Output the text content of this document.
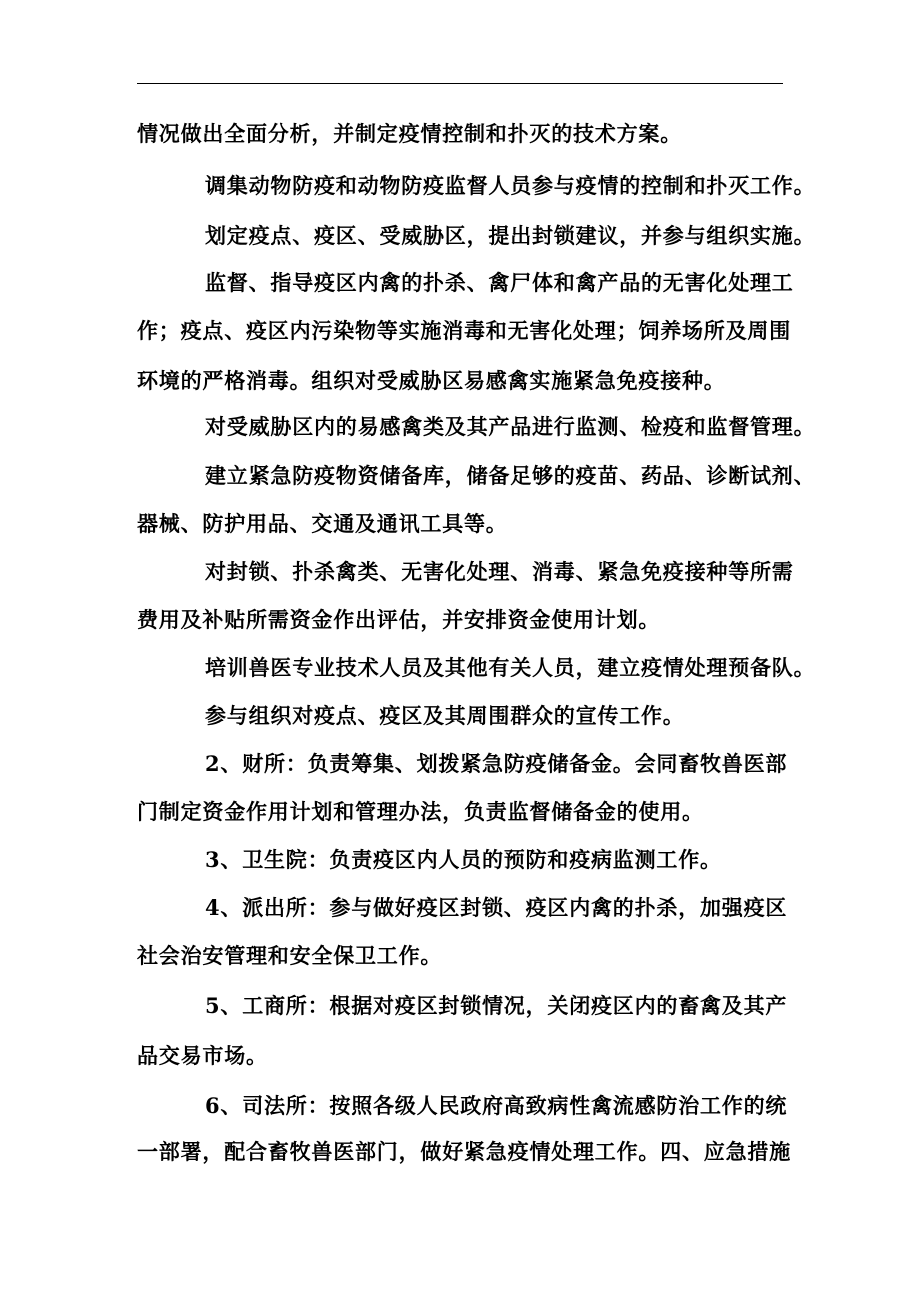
情况做出全面分析，并制定疫情控制和扑灭的技术方案。
调集动物防疫和动物防疫监督人员参与疫情的控制和扑灭工作。
划定疫点、疫区、受威胁区，提出封锁建议，并参与组织实施。
监督、指导疫区内禽的扑杀、禽尸体和禽产品的无害化处理工
作；疫点、疫区内污染物等实施消毒和无害化处理；饲养场所及周围
环境的严格消毒。组织对受威胁区易感禽实施紧急免疫接种。
对受威胁区内的易感禽类及其产品进行监测、检疫和监督管理。
建立紧急防疫物资储备库，储备足够的疫苗、药品、诊断试剂、
器械、防护用品、交通及通讯工具等。
对封锁、扑杀禽类、无害化处理、消毒、紧急免疫接种等所需
费用及补贴所需资金作出评估，并安排资金使用计划。
培训兽医专业技术人员及其他有关人员，建立疫情处理预备队。
参与组织对疫点、疫区及其周围群众的宣传工作。
2、财所：负责筹集、划拨紧急防疫储备金。会同畜牧兽医部
门制定资金作用计划和管理办法，负责监督储备金的使用。
3、卫生院：负责疫区内人员的预防和疫病监测工作。
4、派出所：参与做好疫区封锁、疫区内禽的扑杀，加强疫区
社会治安管理和安全保卫工作。
5、工商所：根据对疫区封锁情况，关闭疫区内的畜禽及其产
品交易市场。
6、司法所：按照各级人民政府高致病性禽流感防治工作的统
一部署，配合畜牧兽医部门，做好紧急疫情处理工作。四、应急措施
